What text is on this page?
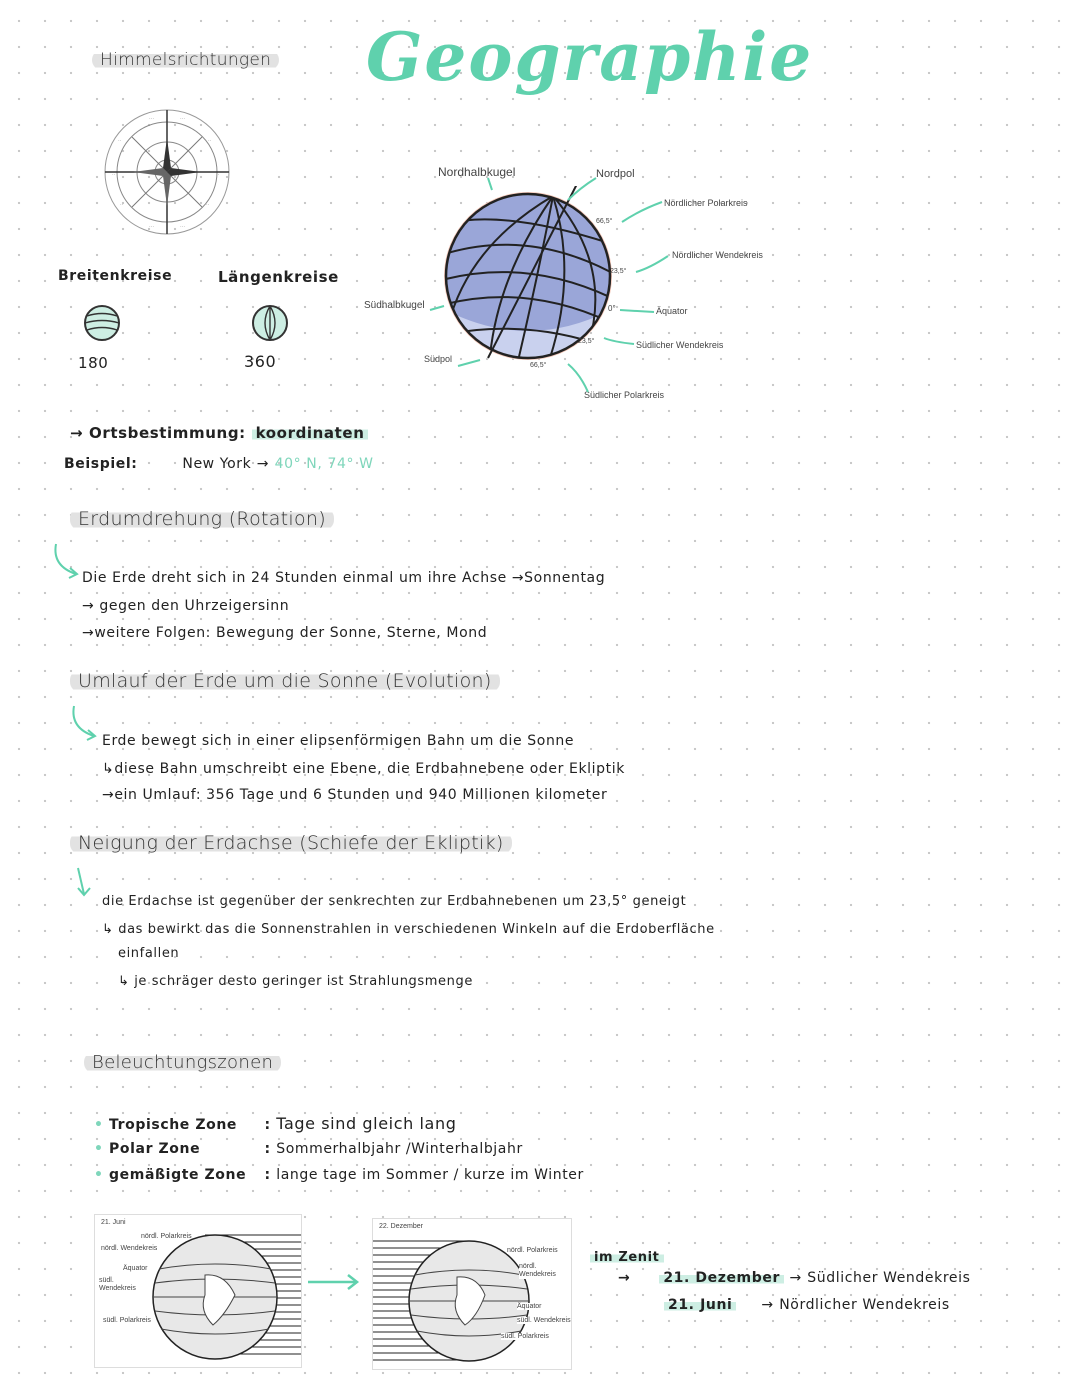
Geographie
Himmelsrichtungen
···	···
··	··
··	··
··	··
···	···
Breitenkreise	Längenkreise
180	360
Nordhalbkugel	Nordpol
Nördlicher Polarkreis
Nördlicher Wendekreis
Äquator
Südlicher Wendekreis
Südlicher Polarkreis
Südhalbkugel
Südpol
66,5°
23,5°
0°
23,5°
66,5°
→ Ortsbestimmung: koordinaten
Beispiel:	New York → 40° N, 74° W
Erdumdrehung (Rotation)
Die Erde dreht sich in 24 Stunden einmal um ihre Achse →Sonnentag
→ gegen den Uhrzeigersinn
→weitere Folgen: Bewegung der Sonne, Sterne, Mond
Umlauf der Erde um die Sonne (Evolution)
Erde bewegt sich in einer elipsenförmigen Bahn um die Sonne
↳diese Bahn umschreibt eine Ebene, die Erdbahnebene oder Ekliptik
→ein Umlauf: 356 Tage und 6 Stunden und 940 Millionen kilometer
Neigung der Erdachse (Schiefe der Ekliptik)
die Erdachse ist gegenüber der senkrechten zur Erdbahnebenen um 23,5° geneigt
↳ das bewirkt das die Sonnenstrahlen in verschiedenen Winkeln auf die Erdoberfläche
einfallen
↳ je schräger desto geringer ist Strahlungsmenge
Beleuchtungszonen
• Tropische Zone : Tage sind gleich lang
• Polar Zone	: Sommerhalbjahr /Winterhalbjahr
• gemäßigte Zone : lange tage im Sommer / kurze im Winter
21. Juni
nördl. Polarkreis
nördl. Wendekreis
Äquator
südl. Wendekreis
südl. Polarkreis
22. Dezember
nördl. Polarkreis
nördl. Wendekreis
Äquator
südl. Wendekreis
südl. Polarkreis
im Zenit
→ 21. Dezember → Südlicher Wendekreis
21. Juni → Nördlicher Wendekreis
